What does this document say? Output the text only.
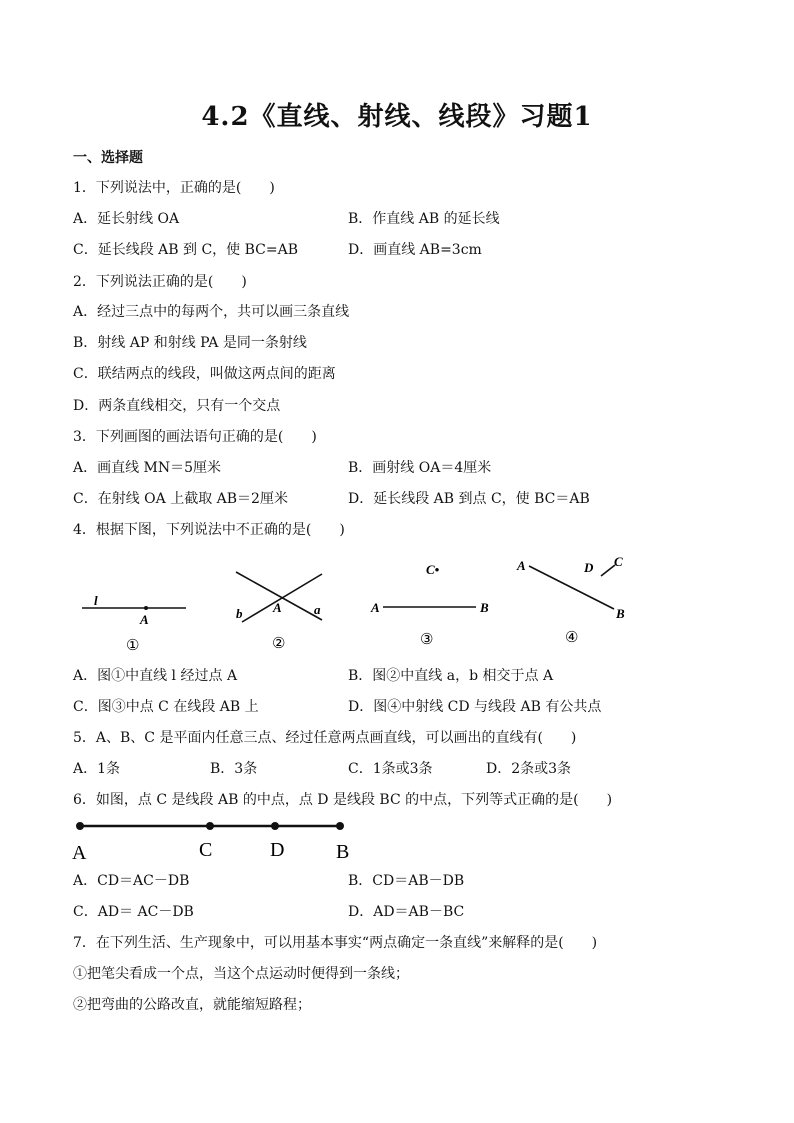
4.2《直线、射线、线段》习题1
一、选择题
1．下列说法中，正确的是(　　)
A．延长射线 OA	B．作直线 AB 的延长线
C．延长线段 AB 到 C，使 BC=AB	D．画直线 AB=3cm
2．下列说法正确的是(　　)
A．经过三点中的每两个，共可以画三条直线
B．射线 AP 和射线 PA 是同一条射线
C．联结两点的线段，叫做这两点间的距离
D．两条直线相交，只有一个交点
3．下列画图的画法语句正确的是(　　)
A．画直线 MN＝5厘米	B．画射线 OA＝4厘米
C．在射线 OA 上截取 AB＝2厘米	D．延长线段 AB 到点 C，使 BC＝AB
4．根据下图，下列说法中不正确的是(　　)
l
A
①
b A a
②
C•
A	B
③
A	D C
B
④
A．图①中直线 l 经过点 A	B．图②中直线 a，b 相交于点 A
C．图③中点 C 在线段 AB 上	D．图④中射线 CD 与线段 AB 有公共点
5．A、B、C 是平面内任意三点、经过任意两点画直线，可以画出的直线有(　　)
A．1条	B．3条	C．1条或3条	D．2条或3条
6．如图，点 C 是线段 AB 的中点，点 D 是线段 BC 的中点，下列等式正确的是(　　)
A	C	D	B
A．CD＝AC－DB	B．CD＝AB－DB
C．AD＝ AC－DB	D．AD＝AB－BC
7．在下列生活、生产现象中，可以用基本事实“两点确定一条直线”来解释的是(　　)
①把笔尖看成一个点，当这个点运动时便得到一条线；
②把弯曲的公路改直，就能缩短路程；
